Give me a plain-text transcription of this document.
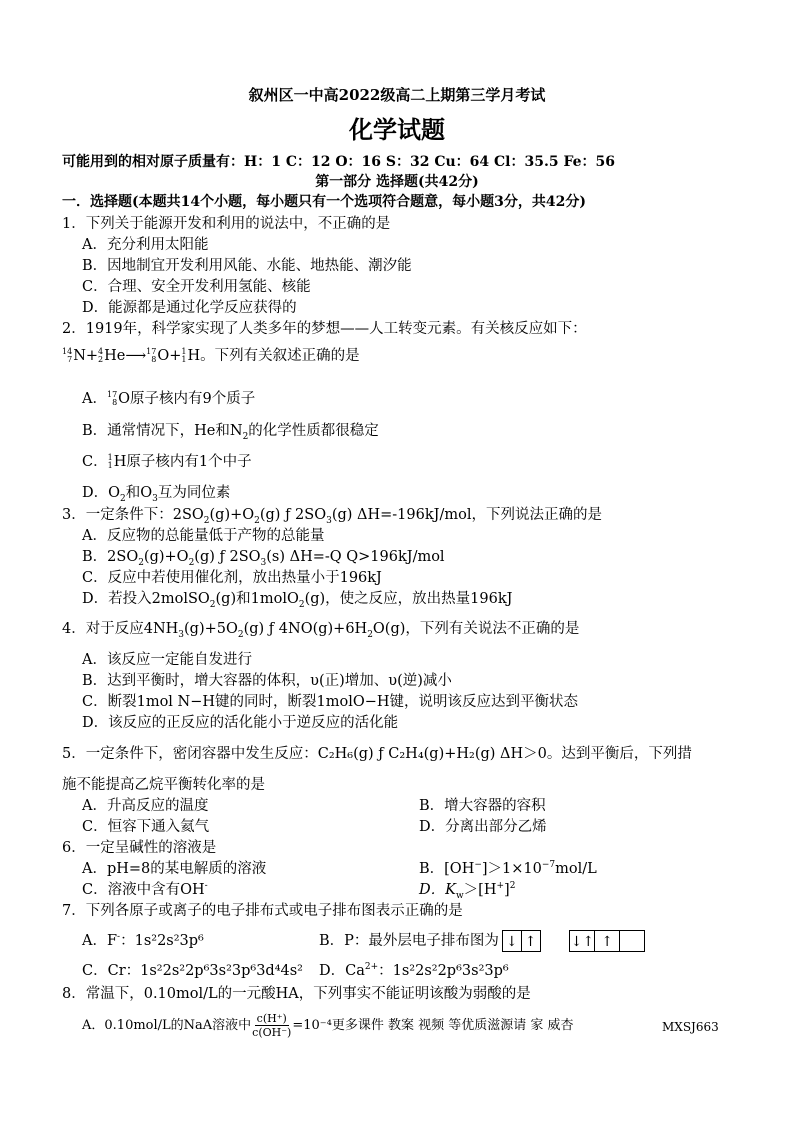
叙州区一中高2022级高二上期第三学月考试
化学试题
可能用到的相对原子质量有：H：1 C：12 O：16 S：32 Cu：64 Cl：35.5 Fe：56
第一部分 选择题(共42分)
一．选择题(本题共14个小题，每小题只有一个选项符合题意，每小题3分，共42分)
1．下列关于能源开发和利用的说法中，不正确的是
A．充分利用太阳能
B．因地制宜开发利用风能、水能、地热能、潮汐能
C．合理、安全开发利用氢能、核能
D．能源都是通过化学反应获得的
2．1919年，科学家实现了人类多年的梦想——人工转变元素。有关核反应如下：
14
7 N+ 4
2 He⟶ 17
8 O+ 1
1 H。下列有关叙述正确的是
A． 17
8 O原子核内有9个质子
B．通常情况下，He和$N_2$的化学性质都很稳定
C． 1
1 H原子核内有1个中子
D．$O_2$和$O_3$互为同位素
3．一定条件下：$2SO_2(g)+O_2(g)$ ƒ $2SO_3(g)$ ΔH=-196kJ/mol，下列说法正确的是
A．反应物的总能量低于产物的总能量
B．$2SO_2(g)+O_2(g)$ ƒ $2SO_3(s)$ ΔH=-Q Q>196kJ/mol
C．反应中若使用催化剂，放出热量小于196kJ
D．若投入2molSO$_2$(g)和1molO$_2$(g)，使之反应，放出热量196kJ
4．对于反应$4NH_3(g)+5O_2(g)$ ƒ $4NO(g)+6H_2O(g)$，下列有关说法不正确的是
A．该反应一定能自发进行
B．达到平衡时，增大容器的体积，υ(正)增加、υ(逆)减小
C．断裂1mol N−H键的同时，断裂1molO−H键，说明该反应达到平衡状态
D．该反应的正反应的活化能小于逆反应的活化能
5．一定条件下，密闭容器中发生反应：C₂H₆(g) ƒ C₂H₄(g)+H₂(g) ΔH＞0。达到平衡后，下列措
施不能提高乙烷平衡转化率的是
A．升高反应的温度	B．增大容器的容积
C．恒容下通入氦气	D．分离出部分乙烯
6．一定呈碱性的溶液是
A．pH=8的某电解质的溶液	B．$[OH^-]>1\times 10^{-7}mol/L$
C．溶液中含有OH-	D．$K_w>[H^+]^2$
7．下列各原子或离子的电子排布式或电子排布图表示正确的是
A．F-：1s²2s²3p⁶	B．P：最外层电子排布图为 ↓ ↑ ↓↑ ↑
C．Cr：1s²2s²2p⁶3s²3p⁶3d⁴4s² D．$Ca^{2+}$：1s²2s²2p⁶3s²3p⁶
8．常温下，0.10mol/L的一元酸HA，下列事实不能证明该酸为弱酸的是
A．0.10mol/L的NaA溶液中 $\frac{c(H^+)}{c(OH^-)} =10^{-4}$更多课件 教案 视频 等优质滋源请 家 威杏	MXSJ663
